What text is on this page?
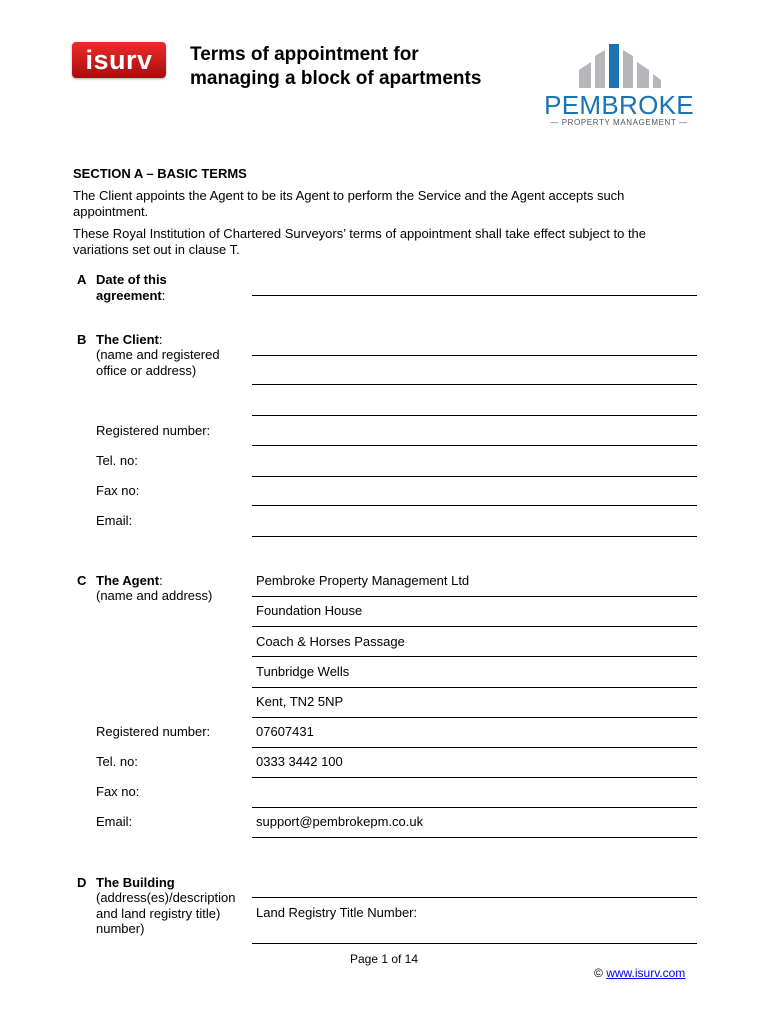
isurv	Terms of appointment for
managing a block of apartments
PEMBROKE
— PROPERTY MANAGEMENT —
SECTION A – BASIC TERMS
The Client appoints the Agent to be its Agent to perform the Service and the Agent accepts such appointment.
These Royal Institution of Chartered Surveyors’ terms of appointment shall take effect subject to the variations set out in clause T.
A Date of this agreement:
B The Client:
(name and registered office or address)
Registered number:
Tel. no:
Fax no:
Email:
C The Agent:
(name and address)
Pembroke Property Management Ltd
Foundation House
Coach & Horses Passage
Tunbridge Wells
Kent, TN2 5NP
Registered number:	07607431
Tel. no:	0333 3442 100
Fax no:
Email:	support@pembrokepm.co.uk
D The Building
(address(es)/description and land registry title) number)
Land Registry Title Number:
Page 1 of 14
© www.isurv.com
